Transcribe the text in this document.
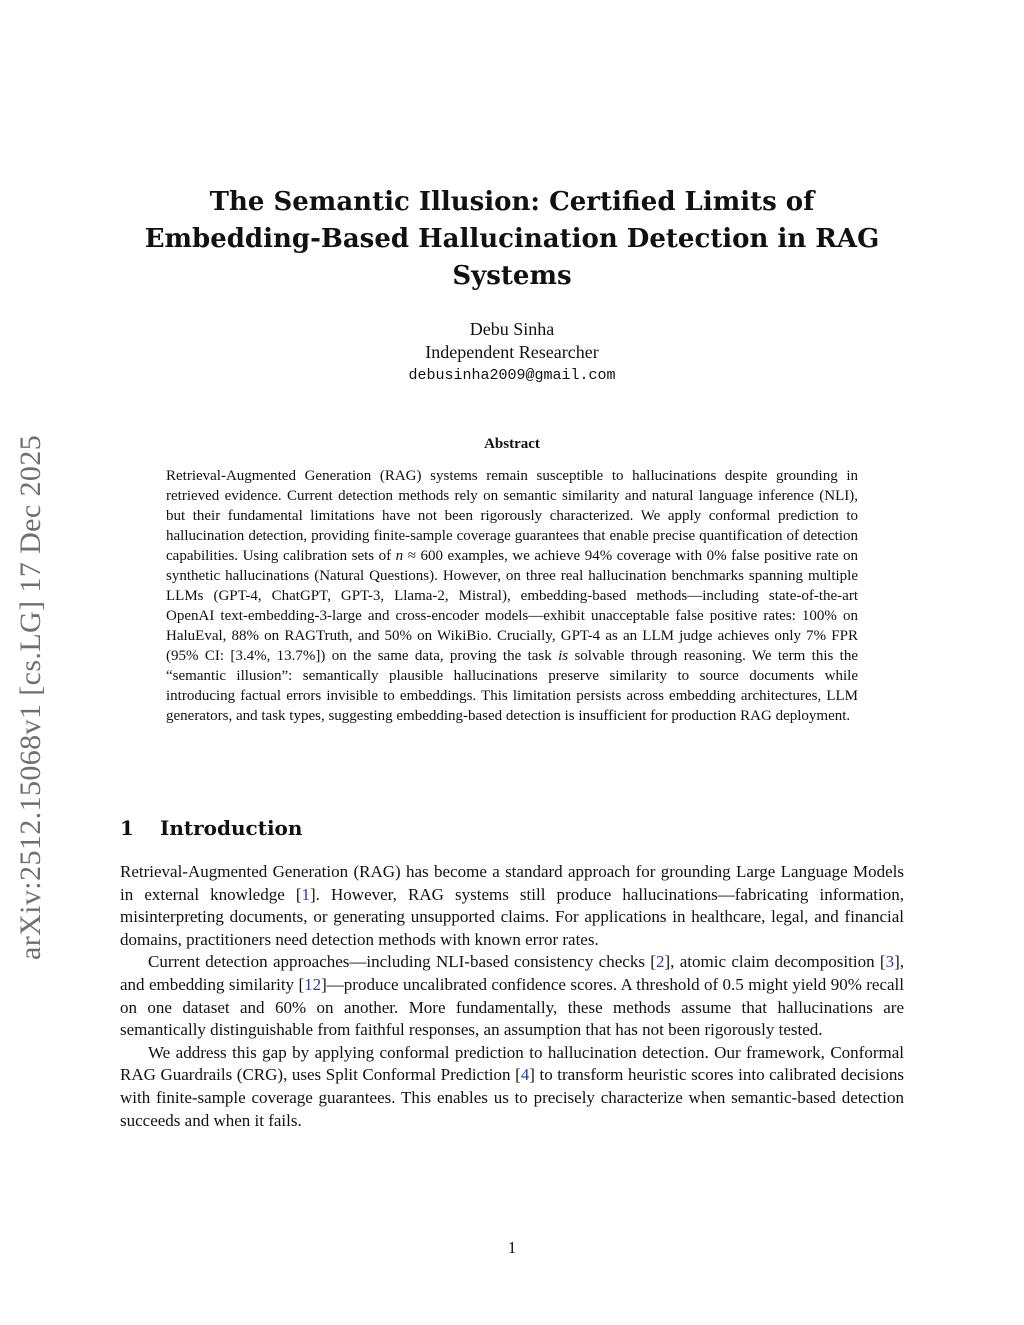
arXiv:2512.15068v1 [cs.LG] 17 Dec 2025
The Semantic Illusion: Certified Limits of Embedding-Based Hallucination Detection in RAG Systems
Debu Sinha
Independent Researcher
debusinha2009@gmail.com
Abstract

Retrieval-Augmented Generation (RAG) systems remain susceptible to hallucinations despite grounding in retrieved evidence. Current detection methods rely on semantic similarity and natural language inference (NLI), but their fundamental limitations have not been rigorously characterized. We apply conformal prediction to hallucination detection, providing finite-sample coverage guarantees that enable precise quantification of detection capabilities. Using calibration sets of n ≈ 600 examples, we achieve 94% coverage with 0% false positive rate on synthetic hallucinations (Natural Questions). However, on three real hallucination benchmarks spanning multiple LLMs (GPT-4, ChatGPT, GPT-3, Llama-2, Mistral), embedding-based methods—including state-of-the-art OpenAI text-embedding-3-large and cross-encoder models—exhibit unacceptable false positive rates: 100% on HaluEval, 88% on RAGTruth, and 50% on WikiBio. Crucially, GPT-4 as an LLM judge achieves only 7% FPR (95% CI: [3.4%, 13.7%]) on the same data, proving the task is solvable through reasoning. We term this the “semantic illusion”: semantically plausible hallucinations preserve similarity to source documents while introducing factual errors invisible to embeddings. This limitation persists across embedding architectures, LLM generators, and task types, suggesting embedding-based detection is insufficient for production RAG deployment.

1 Introduction

Retrieval-Augmented Generation (RAG) has become a standard approach for grounding Large Language Models in external knowledge [1]. However, RAG systems still produce hallucinations—fabricating information, misinterpreting documents, or generating unsupported claims. For applications in healthcare, legal, and financial domains, practitioners need detection methods with known error rates.

Current detection approaches—including NLI-based consistency checks [2], atomic claim decomposition [3], and embedding similarity [12]—produce uncalibrated confidence scores. A threshold of 0.5 might yield 90% recall on one dataset and 60% on another. More fundamentally, these methods assume that hallucinations are semantically distinguishable from faithful responses, an assumption that has not been rigorously tested.

We address this gap by applying conformal prediction to hallucination detection. Our framework, Conformal RAG Guardrails (CRG), uses Split Conformal Prediction [4] to transform heuristic scores into calibrated decisions with finite-sample coverage guarantees. This enables us to precisely characterize when semantic-based detection succeeds and when it fails.

1
